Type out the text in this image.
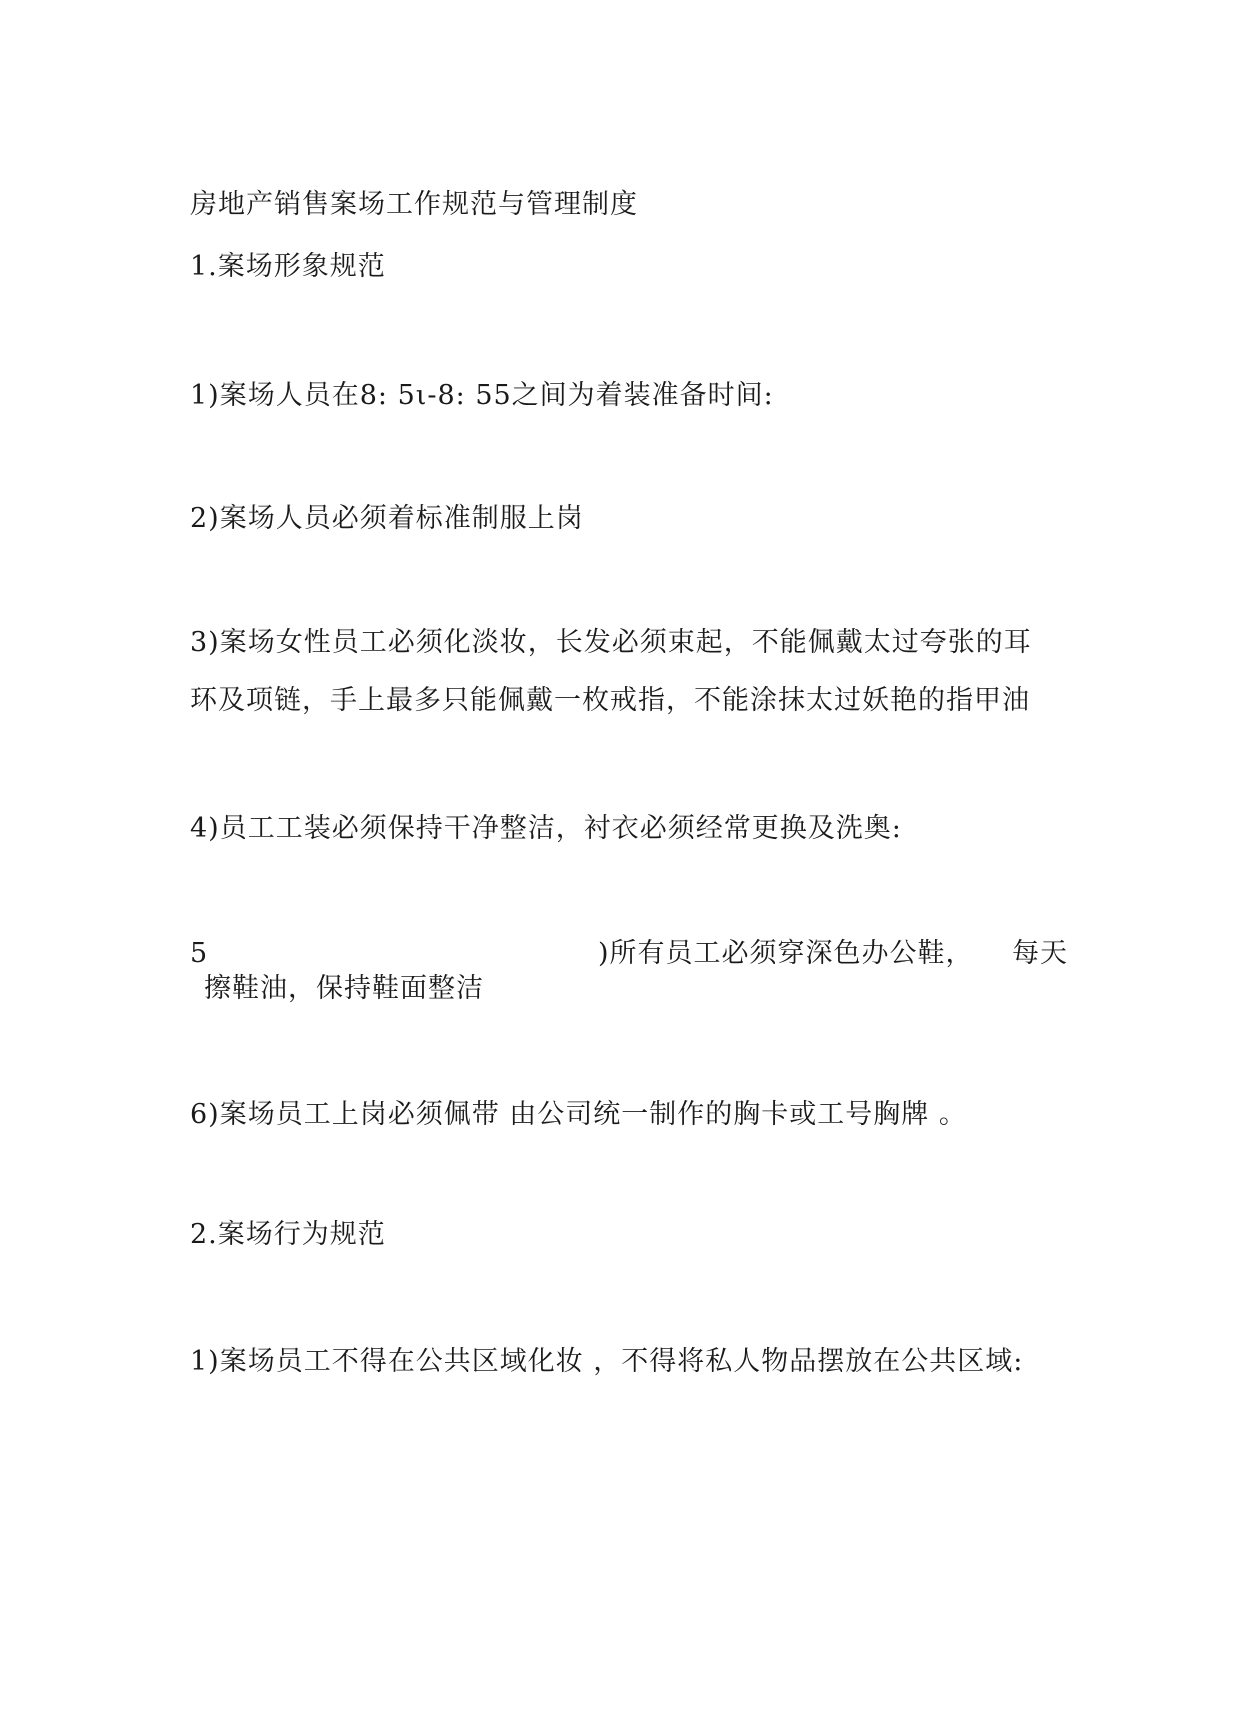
房地产销售案场工作规范与管理制度
1.案场形象规范
1)案场人员在8: 5ι-8: 55之间为着装准备时间:
2)案场人员必须着标准制服上岗
3)案场女性员工必须化淡妆，长发必须束起，不能佩戴太过夸张的耳
环及项链，手上最多只能佩戴一枚戒指，不能涂抹太过妖艳的指甲油
4)员工工装必须保持干净整洁，衬衣必须经常更换及洗奥:
5	)所有员工必须穿深色办公鞋， 每天
擦鞋油，保持鞋面整洁
6)案场员工上岗必须佩带 由公司统一制作的胸卡或工号胸牌 。
2.案场行为规范
1)案场员工不得在公共区域化妆 ，不得将私人物品摆放在公共区域:
